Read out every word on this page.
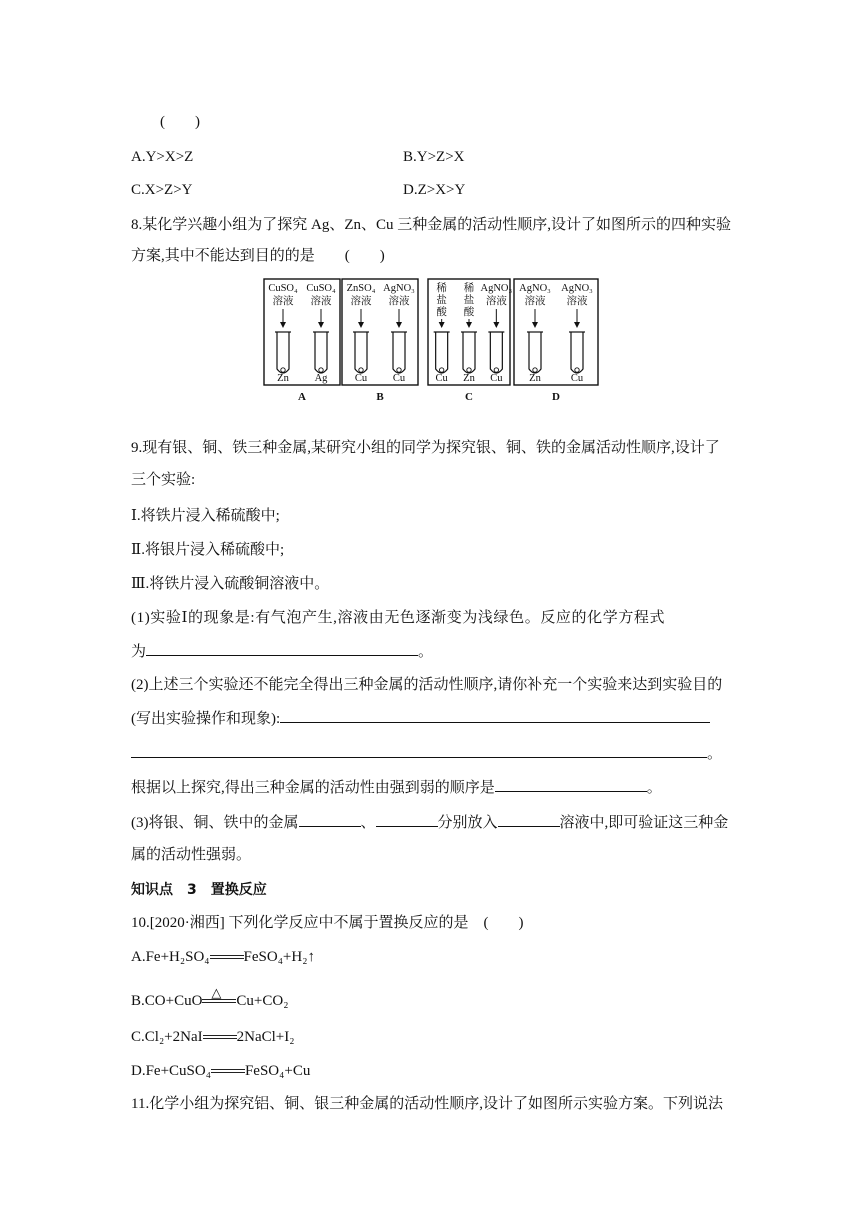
(　　)
A.Y>X>Z	B.Y>Z>X
C.X>Z>Y	D.Z>X>Y
8.某化学兴趣小组为了探究 Ag、Zn、Cu 三种金属的活动性顺序,设计了如图所示的四种实验
方案,其中不能达到目的的是　　(　　)
CuSO₄
溶液
Zn
CuSO₄
溶液
Ag
A
ZnSO₄
溶液
Cu
AgNO₃
溶液
Cu
B
稀
盐
酸
Cu
稀
盐
酸
Zn
AgNO₃
溶液
Cu
C
AgNO₃
溶液
Zn
AgNO₃
溶液
Cu
D
9.现有银、铜、铁三种金属,某研究小组的同学为探究银、铜、铁的金属活动性顺序,设计了
三个实验:
Ⅰ.将铁片浸入稀硫酸中;
Ⅱ.将银片浸入稀硫酸中;
Ⅲ.将铁片浸入硫酸铜溶液中。
(1)实验Ⅰ的现象是:有气泡产生,溶液由无色逐渐变为浅绿色。反应的化学方程式
为	。
(2)上述三个实验还不能完全得出三种金属的活动性顺序,请你补充一个实验来达到实验目的
(写出实验操作和现象):
。
根据以上探究,得出三种金属的活动性由强到弱的顺序是	。
(3)将银、铜、铁中的金属	、	分别放入	溶液中,即可验证这三种金
属的活动性强弱。
知识点　3　置换反应
10.[2020·湘西] 下列化学反应中不属于置换反应的是　(　　)
A.Fe+H₂SO₄ FeSO₄+H₂↑
B.CO+CuO
△
Cu+CO₂
C.Cl₂+2NaI 2NaCl+I₂
D.Fe+CuSO₄ FeSO₄+Cu
11.化学小组为探究铝、铜、银三种金属的活动性顺序,设计了如图所示实验方案。下列说法
